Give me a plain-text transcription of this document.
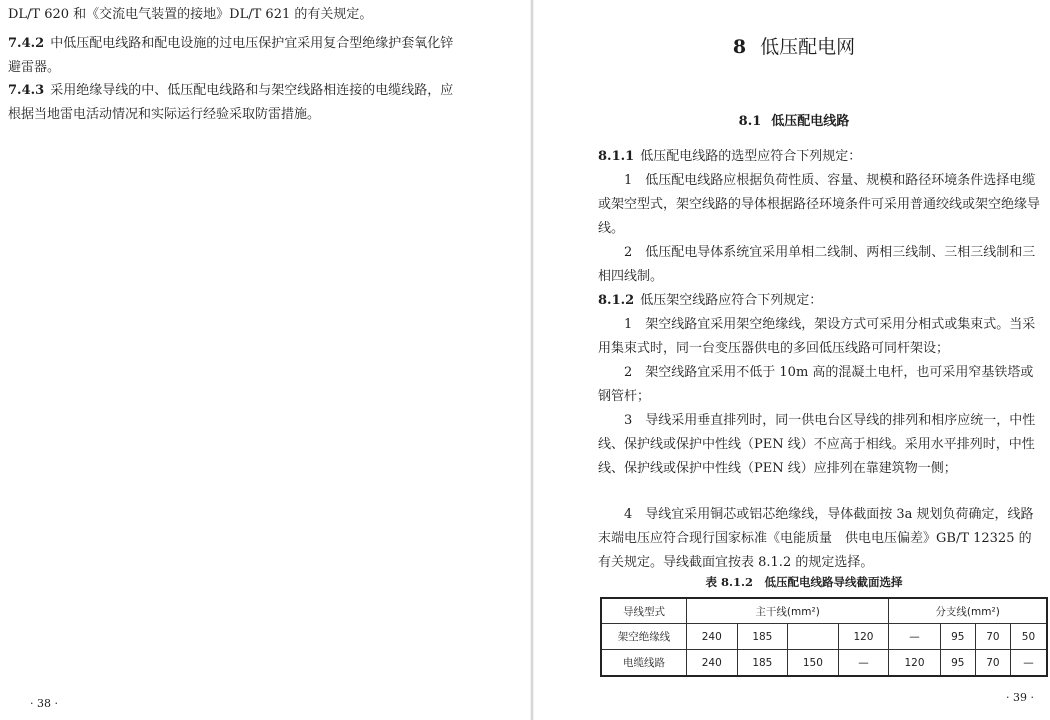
DL/T 620 和《交流电气装置的接地》DL/T 621 的有关规定。

7.4.2 中低压配电线路和配电设施的过电压保护宜采用复合型绝缘护套氧化锌避雷器。

7.4.3 采用绝缘导线的中、低压配电线路和与架空线路相连接的电缆线路，应根据当地雷电活动情况和实际运行经验采取防雷措施。

· 38 ·
8 低压配电网
8.1 低压配电线路

8.1.1 低压配电线路的选型应符合下列规定：

1　低压配电线路应根据负荷性质、容量、规模和路径环境条件选择电缆或架空型式，架空线路的导体根据路径环境条件可采用普通绞线或架空绝缘导线。

2　低压配电导体系统宜采用单相二线制、两相三线制、三相三线制和三相四线制。

8.1.2 低压架空线路应符合下列规定：

1　架空线路宜采用架空绝缘线，架设方式可采用分相式或集束式。当采用集束式时，同一台变压器供电的多回低压线路可同杆架设；

2　架空线路宜采用不低于 10m 高的混凝土电杆，也可采用窄基铁塔或钢管杆；

3　导线采用垂直排列时，同一供电台区导线的排列和相序应统一，中性线、保护线或保护中性线（PEN 线）不应高于相线。采用水平排列时，中性线、保护线或保护中性线（PEN 线）应排列在靠建筑物一侧；

4　导线宜采用铜芯或铝芯绝缘线，导体截面按 3a 规划负荷确定，线路末端电压应符合现行国家标准《电能质量　供电电压偏差》GB/T 12325 的有关规定。导线截面宜按表 8.1.2 的规定选择。

表 8.1.2　低压配电线路导线截面选择
导线型式	主干线(mm²)				分支线(mm²)			
架空绝缘线	240	185		120	—	95	70	50
电缆线路	240	185	150	—	120	95	70	—
· 39 ·
